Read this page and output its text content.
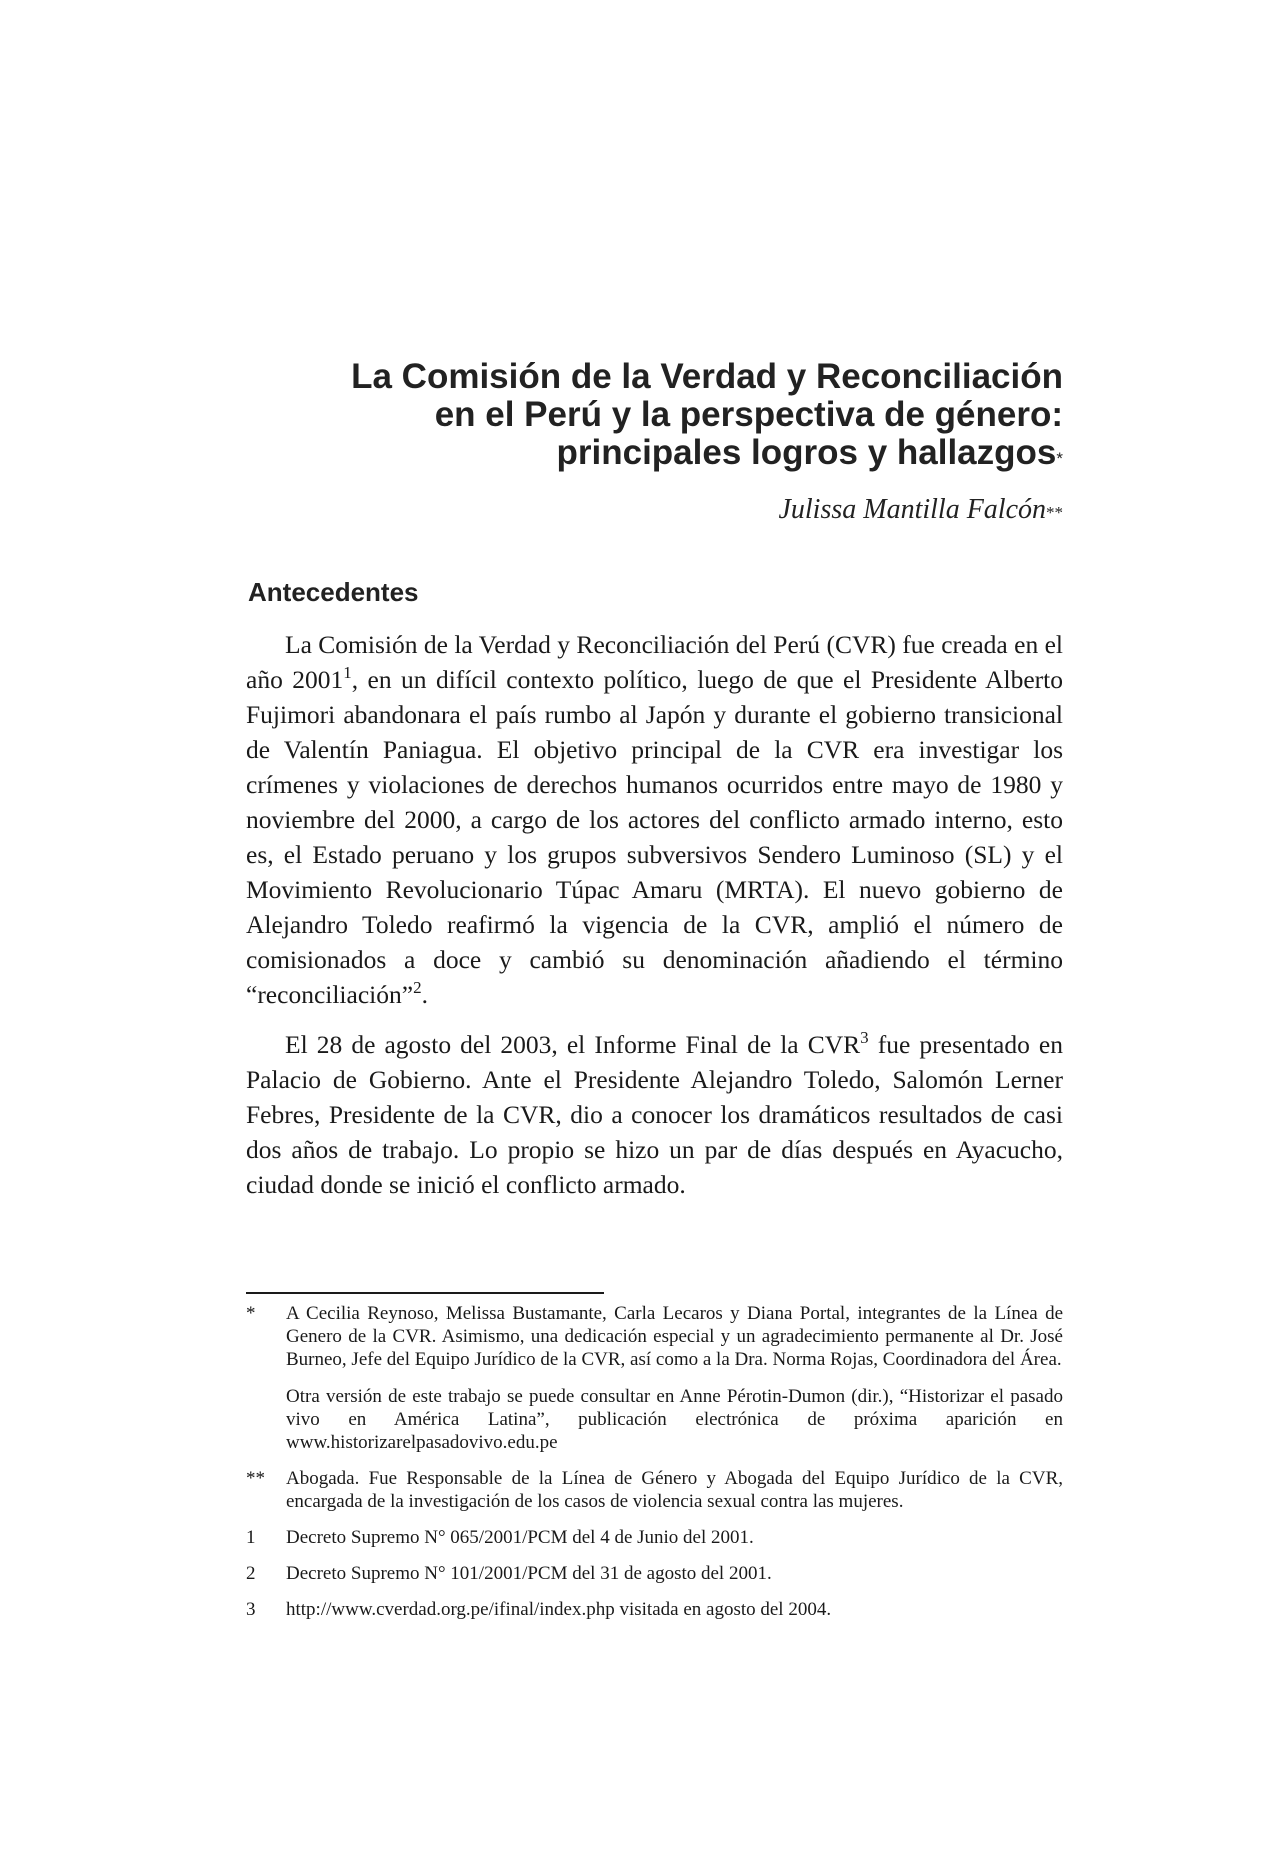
La Comisión de la Verdad y Reconciliación
en el Perú y la perspectiva de género:
principales logros y hallazgos*
Julissa Mantilla Falcón**
Antecedentes

La Comisión de la Verdad y Reconciliación del Perú (CVR) fue creada en el año 2001$^1$, en un difícil contexto político, luego de que el Presidente Alberto Fujimori abandonara el país rumbo al Japón y durante el gobierno transicional de Valentín Paniagua. El objetivo principal de la CVR era investigar los crímenes y violaciones de derechos humanos ocurridos entre mayo de 1980 y noviembre del 2000, a cargo de los actores del conflicto armado interno, esto es, el Estado peruano y los grupos subversivos Sendero Luminoso (SL) y el Movimiento Revolucionario Túpac Amaru (MRTA). El nuevo gobierno de Alejandro Toledo reafirmó la vigencia de la CVR, amplió el número de comisionados a doce y cambió su denominación añadiendo el término “reconciliación”$^2$.

El 28 de agosto del 2003, el Informe Final de la CVR$^3$ fue presentado en Palacio de Gobierno. Ante el Presidente Alejandro Toledo, Salomón Lerner Febres, Presidente de la CVR, dio a conocer los dramáticos resultados de casi dos años de trabajo. Lo propio se hizo un par de días después en Ayacucho, ciudad donde se inició el conflicto armado.

* A Cecilia Reynoso, Melissa Bustamante, Carla Lecaros y Diana Portal, integrantes de la Línea de Genero de la CVR. Asimismo, una dedicación especial y un agradecimiento permanente al Dr. José Burneo, Jefe del Equipo Jurídico de la CVR, así como a la Dra. Norma Rojas, Coordinadora del Área.

Otra versión de este trabajo se puede consultar en Anne Pérotin-Dumon (dir.), “Historizar el pasado vivo en América Latina”, publicación electrónica de próxima aparición en www.historizarelpasadovivo.edu.pe

** Abogada. Fue Responsable de la Línea de Género y Abogada del Equipo Jurídico de la CVR, encargada de la investigación de los casos de violencia sexual contra las mujeres.

1 Decreto Supremo N° 065/2001/PCM del 4 de Junio del 2001.

2 Decreto Supremo N° 101/2001/PCM del 31 de agosto del 2001.

3 http://www.cverdad.org.pe/ifinal/index.php visitada en agosto del 2004.
